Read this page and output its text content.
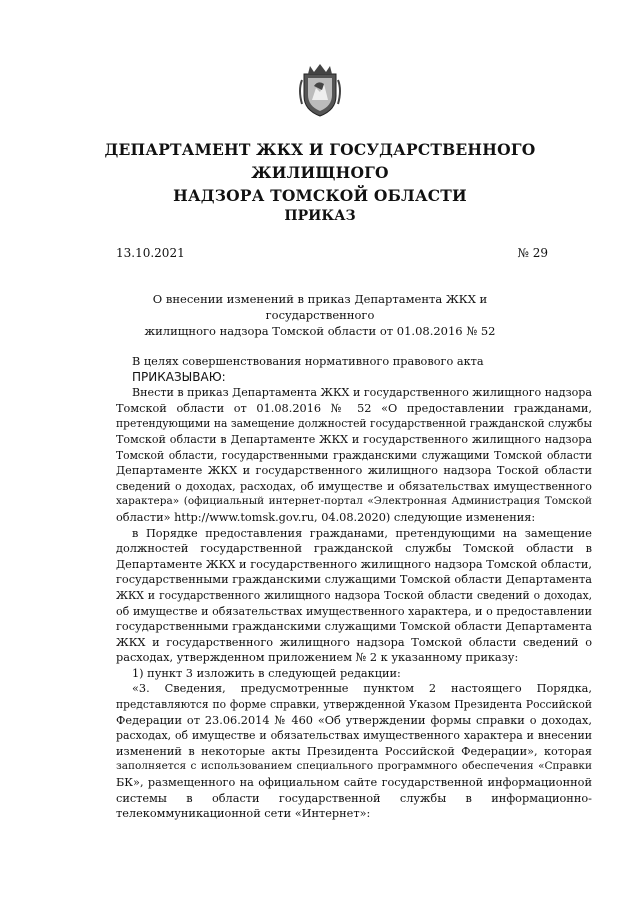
ДЕПАРТАМЕНТ ЖКХ И ГОСУДАРСТВЕННОГО ЖИЛИЩНОГО
НАДЗОРА ТОМСКОЙ ОБЛАСТИ
ПРИКАЗ
13.10.2021	№ 29
О внесении изменений в приказ Департамента ЖКХ и государственного
жилищного надзора Томской области от 01.08.2016 № 52

В целях совершенствования нормативного правового акта

ПРИКАЗЫВАЮ:

Внести в приказ Департамента ЖКХ и государственного жилищного надзора
Томской области от 01.08.2016 № 52 «О предоставлении гражданами,
претендующими на замещение должностей государственной гражданской службы
Томской области в Департаменте ЖКХ и государственного жилищного надзора
Томской области, государственными гражданскими служащими Томской области
Департаменте ЖКХ и государственного жилищного надзора Тоской области
сведений о доходах, расходах, об имуществе и обязательствах имущественного
характера» (официальный интернет-портал «Электронная Администрация Томской
области» http://www.tomsk.gov.ru, 04.08.2020) следующие изменения:
в Порядке предоставления гражданами, претендующими на замещение
должностей государственной гражданской службы Томской области в
Департаменте ЖКХ и государственного жилищного надзора Томской области,
государственными гражданскими служащими Томской области Департамента
ЖКХ и государственного жилищного надзора Тоской области сведений о доходах,
об имуществе и обязательствах имущественного характера, и о предоставлении
государственными гражданскими служащими Томской области Департамента
ЖКХ и государственного жилищного надзора Томской области сведений о
расходах, утвержденном приложением № 2 к указанному приказу:

1) пункт 3 изложить в следующей редакции:

«3. Сведения, предусмотренные пунктом 2 настоящего Порядка,
представляются по форме справки, утвержденной Указом Президента Российской
Федерации от 23.06.2014 № 460 «Об утверждении формы справки о доходах,
расходах, об имуществе и обязательствах имущественного характера и внесении
изменений в некоторые акты Президента Российской Федерации», которая
заполняется с использованием специального программного обеспечения «Справки
БК», размещенного на официальном сайте государственной информационной
системы в области государственной службы в информационно-
телекоммуникационной сети «Интернет»:
